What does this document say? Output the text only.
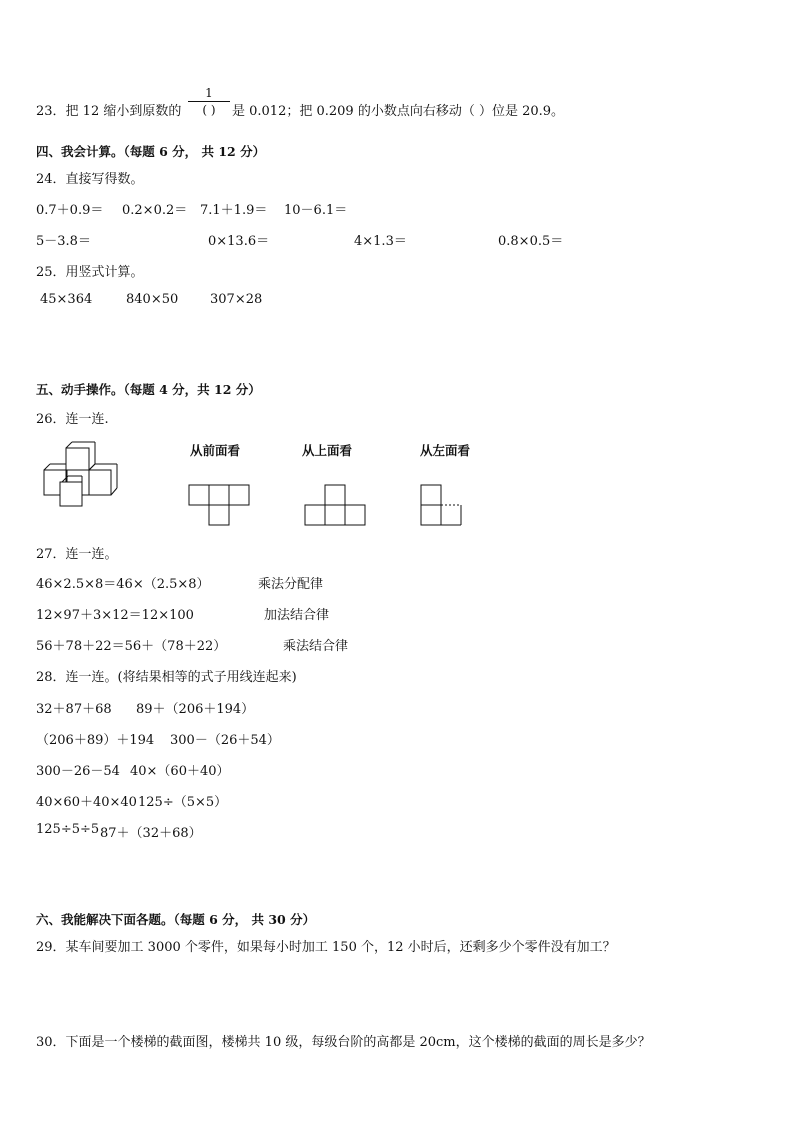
23．把 12 缩小到原数的
1
( )	是 0.012；把 0.209 的小数点向右移动（ ）位是 20.9。
四、我会计算。（每题 6 分， 共 12 分）
24．直接写得数。
0.7＋0.9＝ 0.2×0.2＝ 7.1＋1.9＝ 10－6.1＝
5－3.8＝	0×13.6＝	4×1.3＝	0.8×0.5＝
25．用竖式计算。
45×364	840×50 307×28
五、动手操作。（每题 4 分，共 12 分）
26．连一连.
从前面看	从上面看	从左面看
27．连一连。
46×2.5×8＝46×（2.5×8）	乘法分配律
12×97＋3×12＝12×100	加法结合律
56＋78＋22＝56＋（78＋22）	乘法结合律
28．连一连。(将结果相等的式子用线连起来)
32＋87＋68 89＋（206＋194）
（206＋89）＋194 300－（26＋54）
300－26－54 40×（60＋40）
40×60＋40×40 125÷（5×5）
125÷5÷5 87＋（32＋68）
六、我能解决下面各题。（每题 6 分， 共 30 分）
29．某车间要加工 3000 个零件，如果每小时加工 150 个，12 小时后，还剩多少个零件没有加工？
30．下面是一个楼梯的截面图，楼梯共 10 级，每级台阶的高都是 20cm，这个楼梯的截面的周长是多少？
